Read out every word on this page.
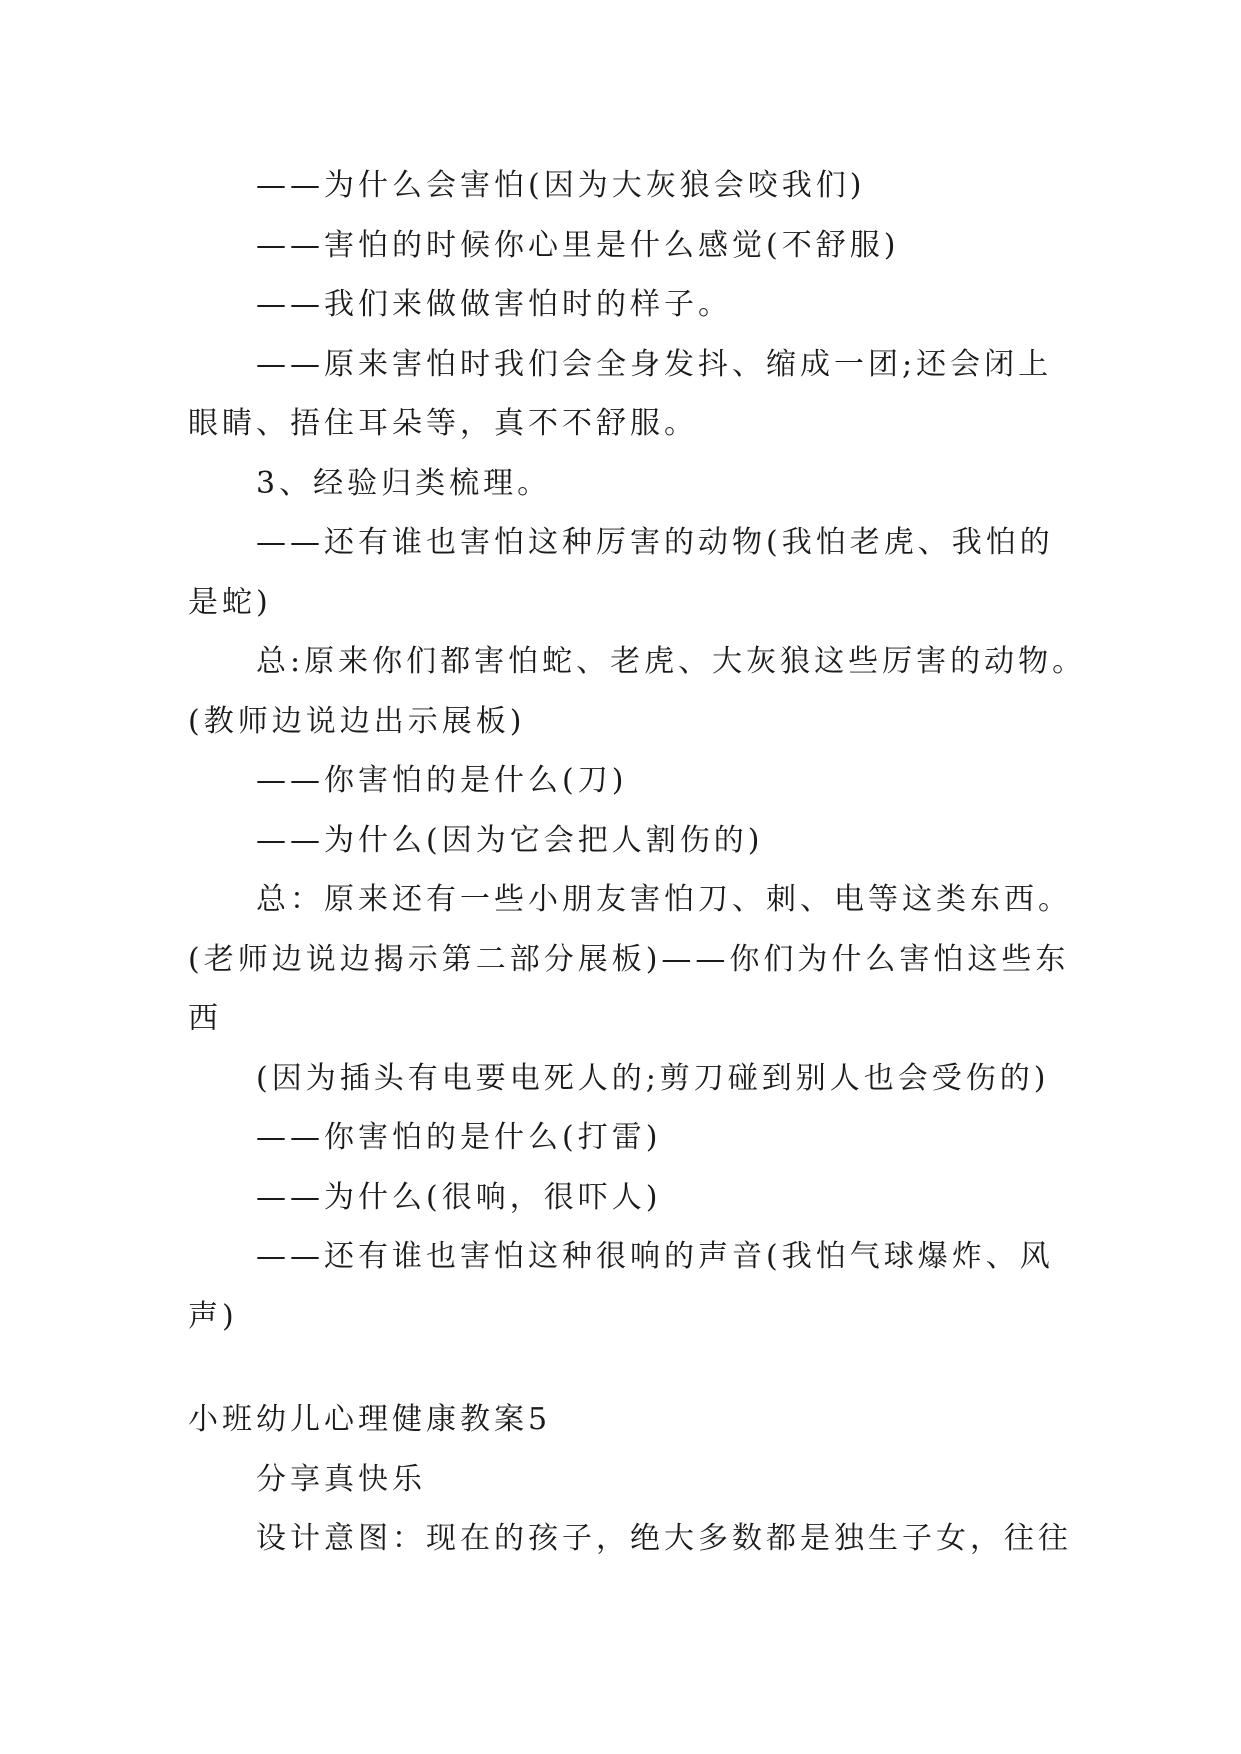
——为什么会害怕(因为大灰狼会咬我们)
——害怕的时候你心里是什么感觉(不舒服)
——我们来做做害怕时的样子。
——原来害怕时我们会全身发抖、缩成一团;还会闭上
眼睛、捂住耳朵等，真不不舒服。
3、经验归类梳理。
——还有谁也害怕这种厉害的动物(我怕老虎、我怕的
是蛇)
总:原来你们都害怕蛇、老虎、大灰狼这些厉害的动物。
(教师边说边出示展板)
——你害怕的是什么(刀)
——为什么(因为它会把人割伤的)
总：原来还有一些小朋友害怕刀、刺、电等这类东西。
(老师边说边揭示第二部分展板)——你们为什么害怕这些东
西
(因为插头有电要电死人的;剪刀碰到别人也会受伤的)
——你害怕的是什么(打雷)
——为什么(很响，很吓人)
——还有谁也害怕这种很响的声音(我怕气球爆炸、风
声)
小班幼儿心理健康教案5
分享真快乐
设计意图：现在的孩子，绝大多数都是独生子女，往往
